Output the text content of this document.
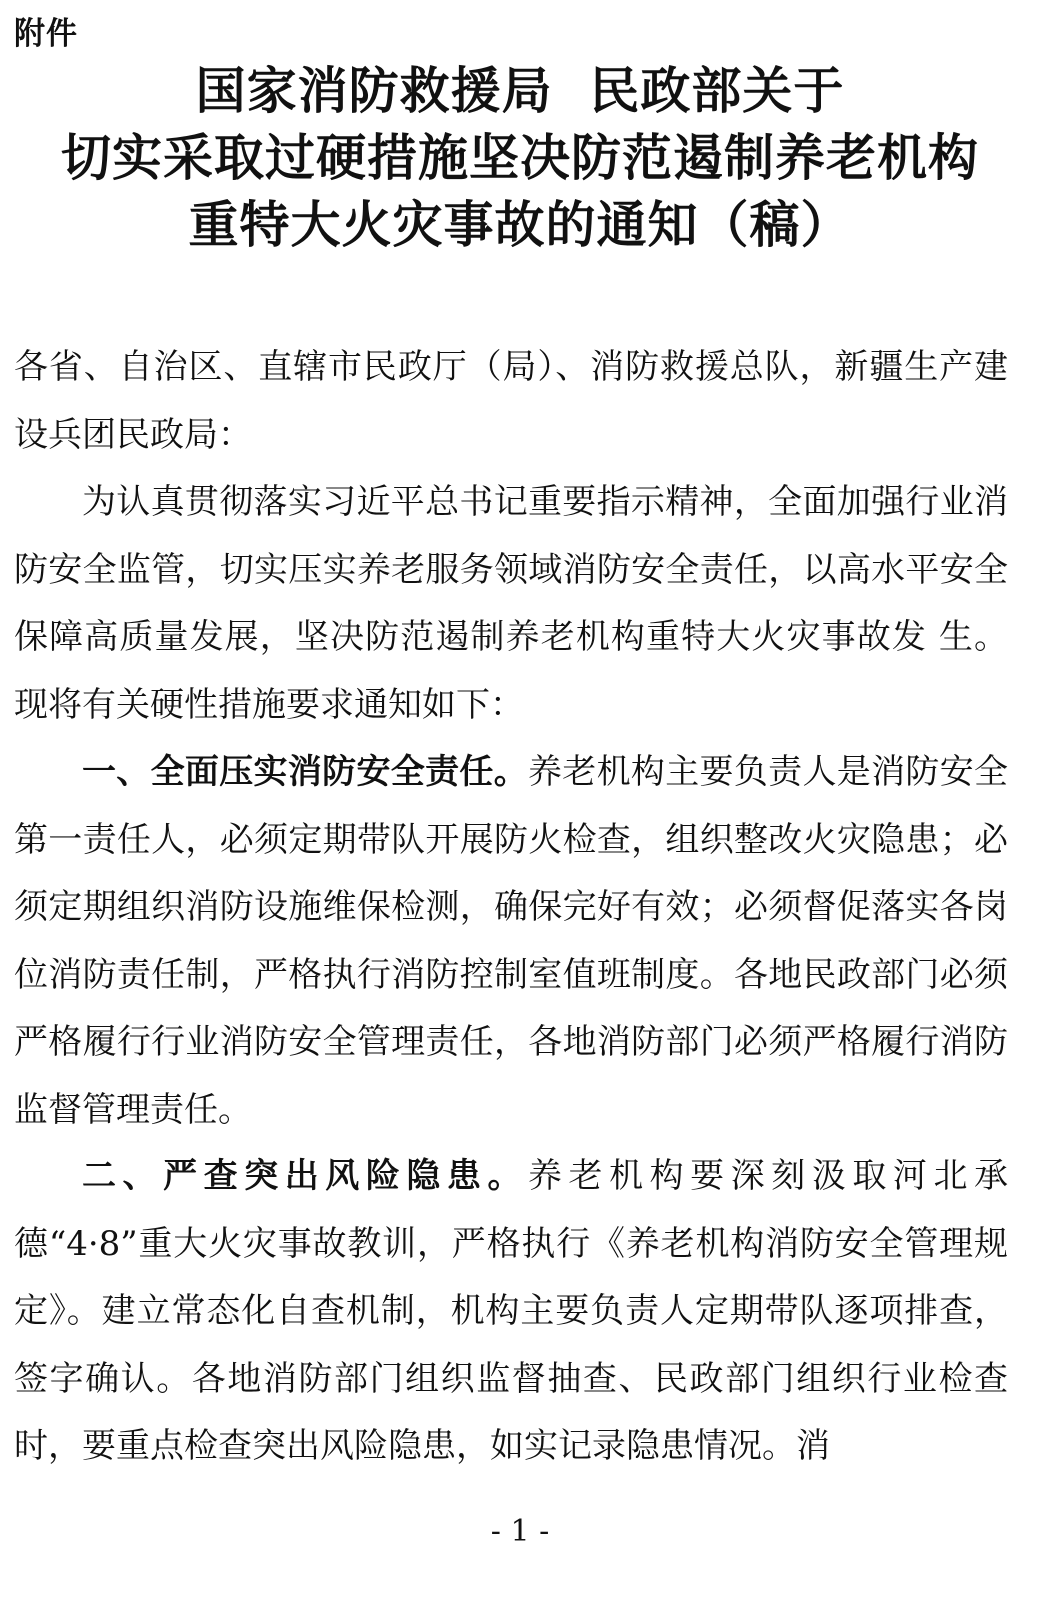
附件
国家消防救援局  民政部关于
切实采取过硬措施坚决防范遏制养老机构
重特大火灾事故的通知（稿）
各省、自治区、直辖市民政厅（局）、消防救援总队，新疆生产建设兵团民政局：
为认真贯彻落实习近平总书记重要指示精神，全面加强行业消防安全监管，切实压实养老服务领域消防安全责任，以高水平安全保障高质量发展，坚决防范遏制养老机构重特大火灾事故发 生。现将有关硬性措施要求通知如下：
一、全面压实消防安全责任。养老机构主要负责人是消防安全第一责任人，必须定期带队开展防火检查，组织整改火灾隐患；必须定期组织消防设施维保检测，确保完好有效；必须督促落实各岗位消防责任制，严格执行消防控制室值班制度。各地民政部门必须严格履行行业消防安全管理责任，各地消防部门必须严格履行消防监督管理责任。
二、严查突出风险隐患。养老机构要深刻汲取河北承德“4·8”重大火灾事故教训，严格执行《养老机构消防安全管理规定》。建立常态化自查机制，机构主要负责人定期带队逐项排查，签字确认。各地消防部门组织监督抽查、民政部门组织行业检查时，要重点检查突出风险隐患，如实记录隐患情况。消
- 1 -
